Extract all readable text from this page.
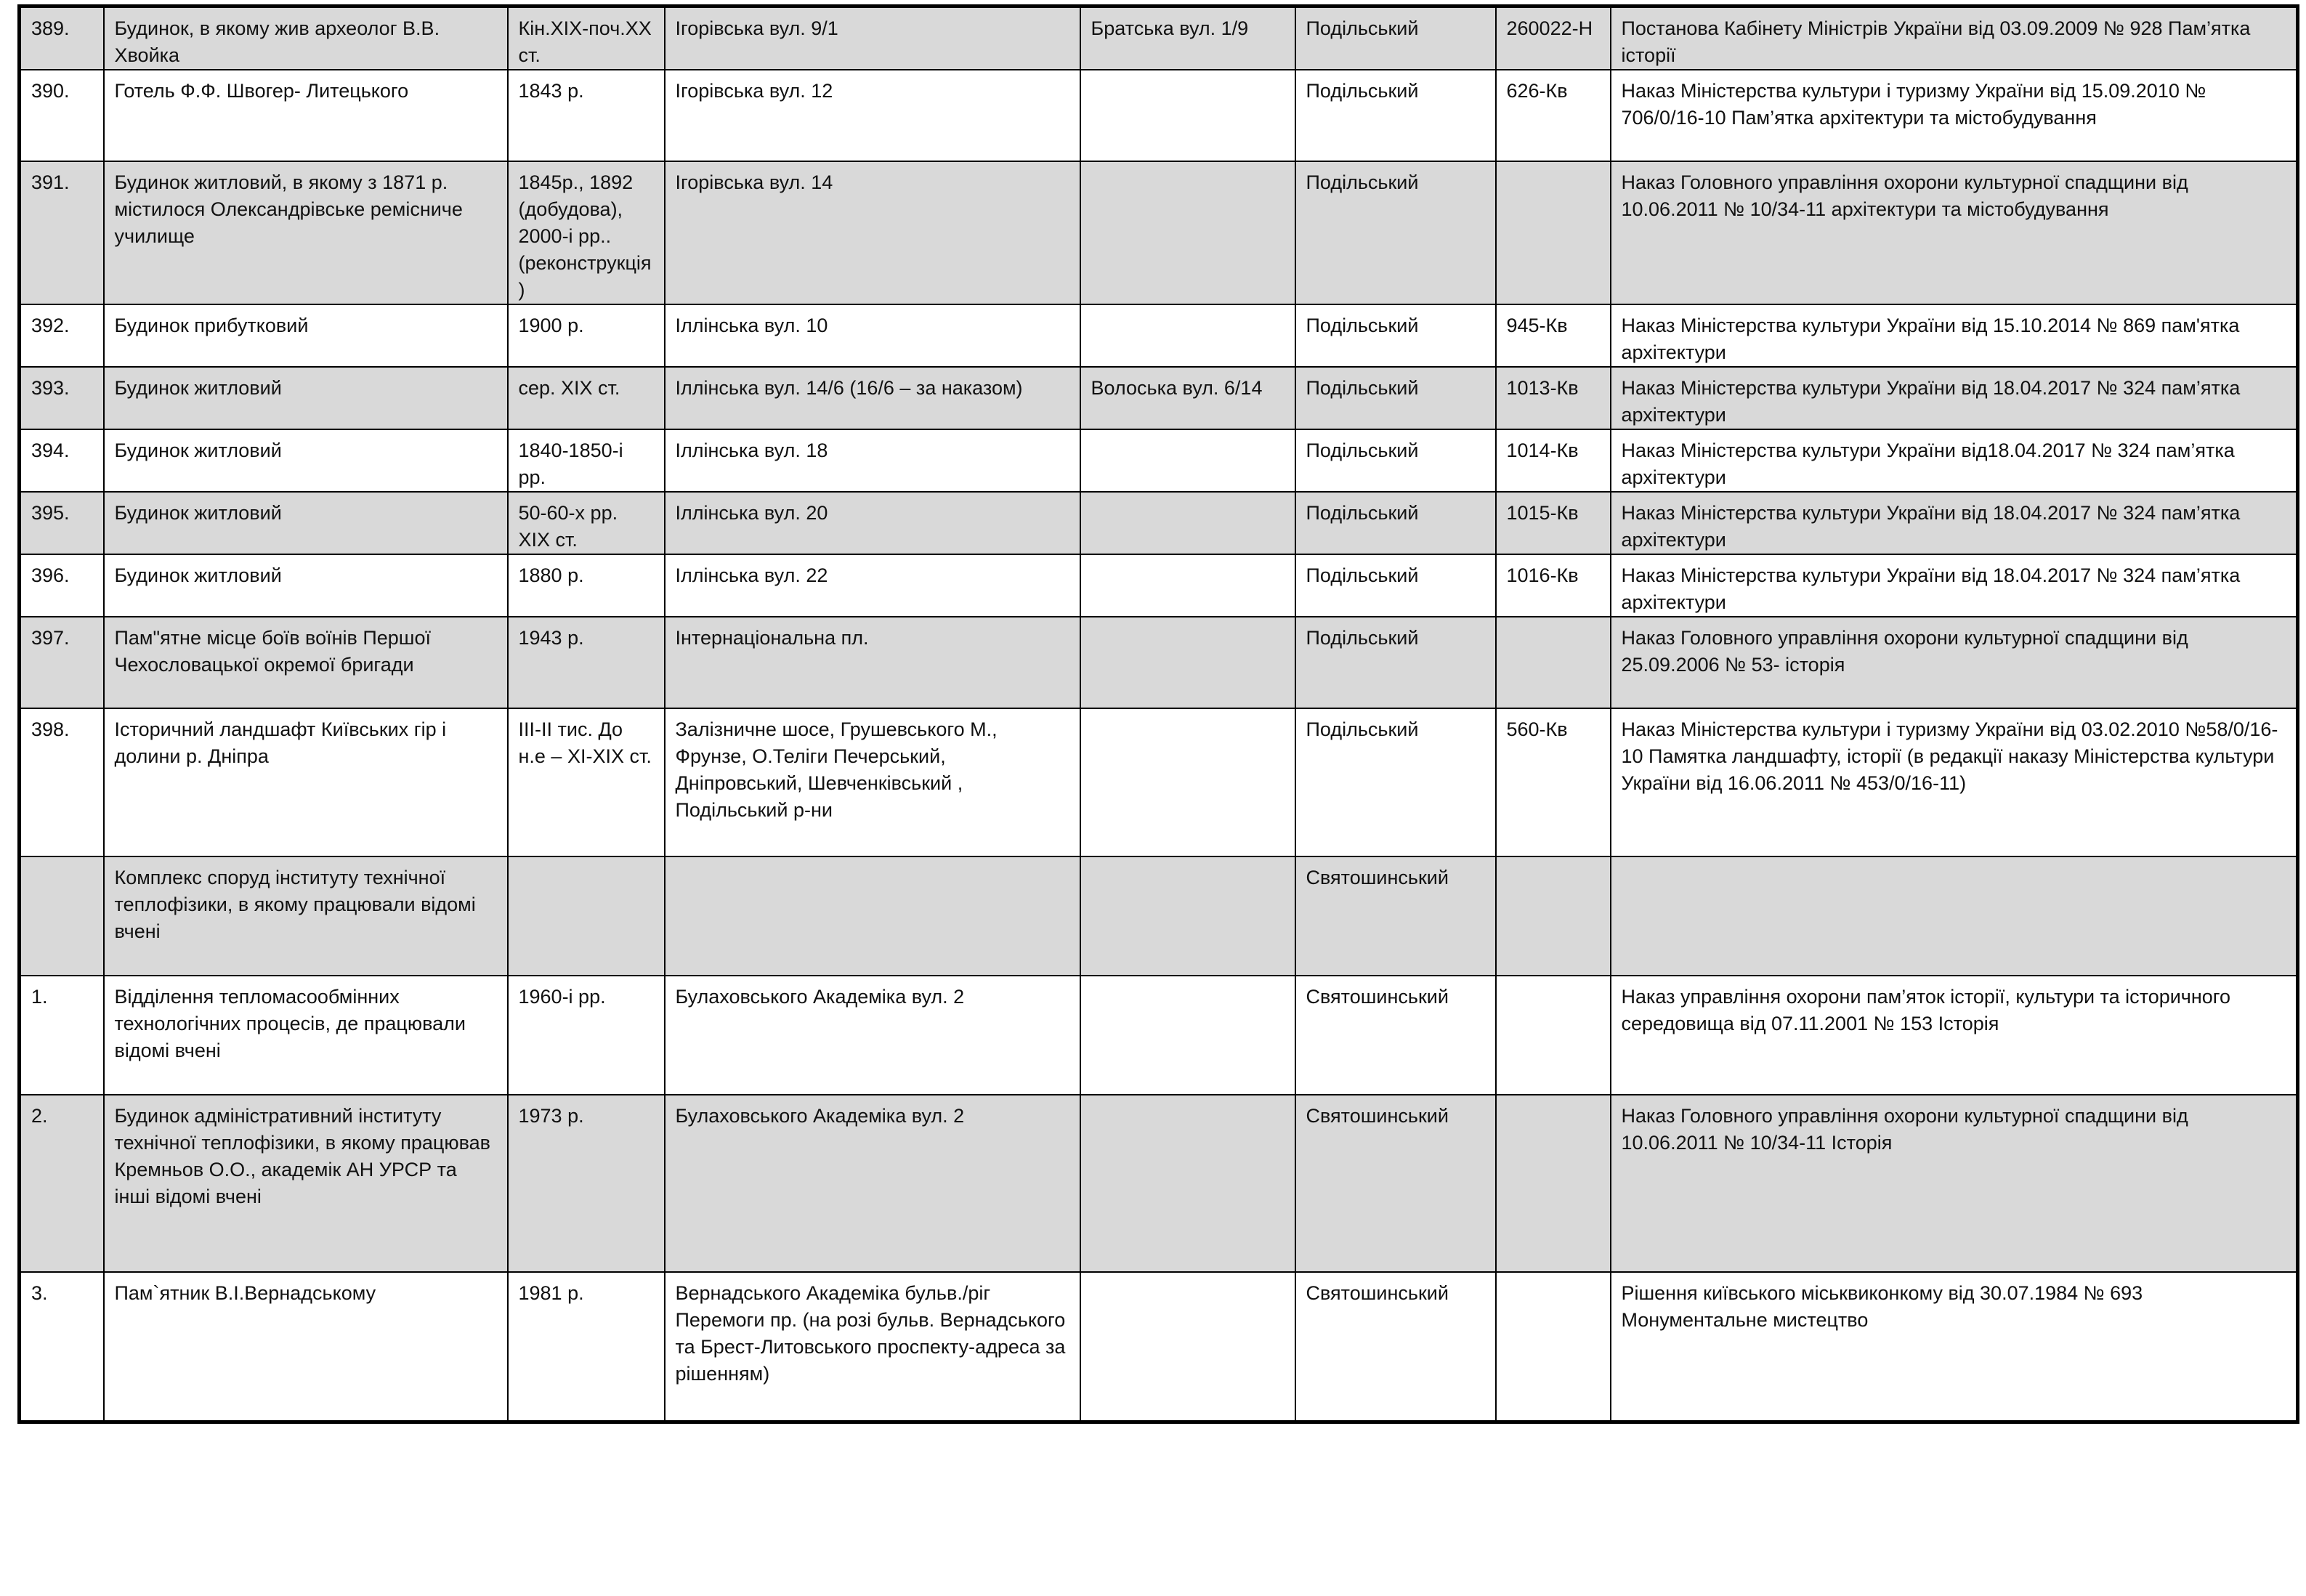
389.	Будинок, в якому жив археолог В.В. Хвойка	Кін.XIX-поч.XX ст.	Ігорівська вул. 9/1	Братська вул. 1/9	Подільський	260022-Н	Постанова Кабінету Міністрів України від 03.09.2009 № 928 Пам’ятка історії
390.	Готель Ф.Ф. Швогер- Литецького	1843 р.	Ігорівська вул. 12		Подільський	626-Кв	Наказ Міністерства культури і туризму України від 15.09.2010 № 706/0/16-10 Пам’ятка архітектури та містобудування
391.	Будинок житловий, в якому з 1871 р. містилося Олександрівське ремісниче училище	1845р., 1892 (добудова), 2000-і рр.. (реконструкція)	Ігорівська вул. 14		Подільський		Наказ Головного управління охорони культурної спадщини від 10.06.2011 № 10/34-11 архітектури та містобудування
392.	Будинок прибутковий	1900 р.	Іллінська вул. 10		Подільський	945-Кв	Наказ Міністерства культури України від 15.10.2014 № 869 пам'ятка архітектури
393.	Будинок житловий	сер. XIX ст.	Іллінська вул. 14/6 (16/6 – за наказом)	Волоська вул. 6/14	Подільський	1013-Кв	Наказ Міністерства культури України від 18.04.2017 № 324 пам’ятка архітектури
394.	Будинок житловий	1840-1850-і рр.	Іллінська вул. 18		Подільський	1014-Кв	Наказ Міністерства культури України від18.04.2017 № 324 пам’ятка архітектури
395.	Будинок житловий	50-60-х рр. XIX ст.	Іллінська вул. 20		Подільський	1015-Кв	Наказ Міністерства культури України від 18.04.2017 № 324 пам’ятка архітектури
396.	Будинок житловий	1880 р.	Іллінська вул. 22		Подільський	1016-Кв	Наказ Міністерства культури України від 18.04.2017 № 324 пам’ятка архітектури
397.	Пам"ятне місце боїв воїнів Першої Чехословацької окремої бригади	1943 р.	Інтернаціональна пл.		Подільський		Наказ Головного управління охорони культурної спадщини від 25.09.2006 № 53- історія
398.	Історичний ландшафт Київських гір і долини р. Дніпра	III-II тис. До н.е – XI-XIX ст.	Залізничне шосе, Грушевського М., Фрунзе, О.Теліги Печерський, Дніпровський, Шевченківський , Подільський р-ни		Подільський	560-Кв	Наказ Міністерства культури і туризму України від 03.02.2010 №58/0/16-10 Памятка ландшафту, історії (в редакції наказу Міністерства культури України від 16.06.2011 № 453/0/16-11)
	Комплекс споруд інституту технічної теплофізики, в якому працювали відомі вчені				Святошинський		
1.	Відділення тепломасообмінних технологічних процесів, де працювали відомі вчені	1960-і рр.	Булаховського Академіка вул. 2		Святошинський		Наказ управління охорони пам’яток історії, культури та історичного середовища від 07.11.2001 № 153 Історія
2.	Будинок адміністративний інституту технічної теплофізики, в якому працював Кремньов О.О., академік АН УРСР та інші відомі вчені	1973 р.	Булаховського Академіка вул. 2		Святошинський		Наказ Головного управління охорони культурної спадщини від 10.06.2011 № 10/34-11 Історія
3.	Пам`ятник В.І.Вернадському	1981 р.	Вернадського Академіка бульв./ріг Перемоги пр. (на розі бульв. Вернадського та Брест-Литовського проспекту-адреса за рішенням)		Святошинський		Рішення київського міськвиконкому від 30.07.1984 № 693 Монументальне мистецтво
